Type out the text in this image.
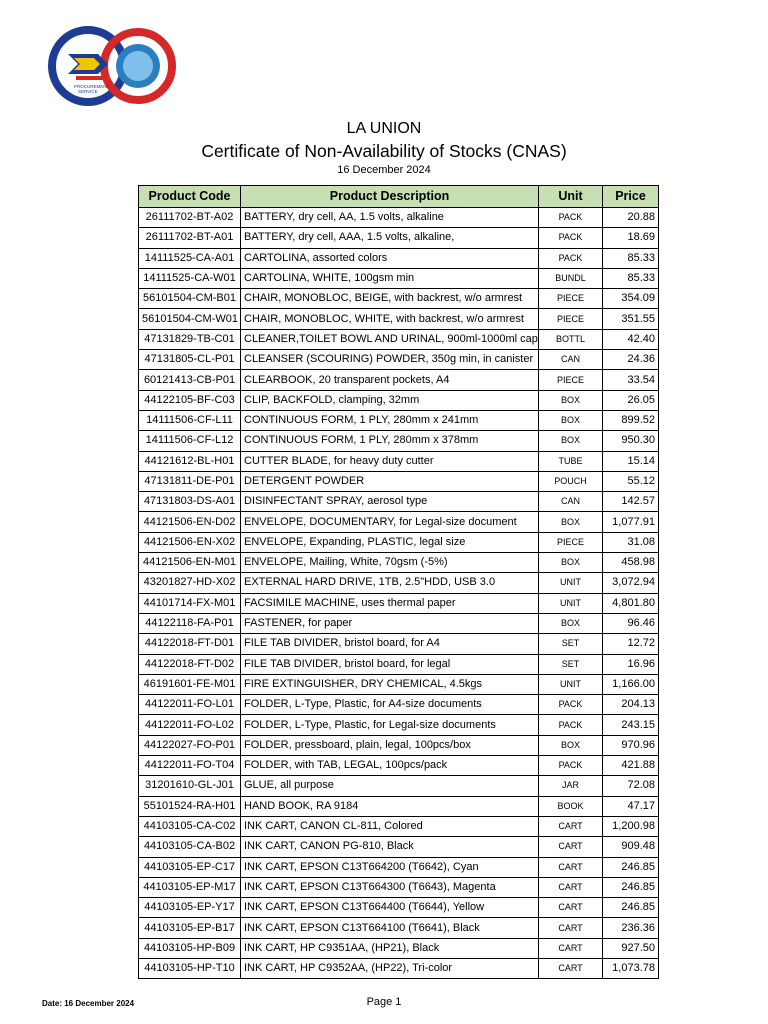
PROCUREMENT
SERVICE
LA UNION
Certificate of Non-Availability of Stocks (CNAS)
16 December 2024
Product Code	Product Description	Unit	Price
26111702-BT-A02	BATTERY, dry cell, AA, 1.5 volts, alkaline	PACK	20.88
26111702-BT-A01	BATTERY, dry cell, AAA, 1.5 volts, alkaline,	PACK	18.69
14111525-CA-A01	CARTOLINA, assorted colors	PACK	85.33
14111525-CA-W01	CARTOLINA, WHITE, 100gsm min	BUNDL	85.33
56101504-CM-B01	CHAIR, MONOBLOC, BEIGE, with backrest, w/o armrest	PIECE	354.09
56101504-CM-W01	CHAIR, MONOBLOC, WHITE, with backrest, w/o armrest	PIECE	351.55
47131829-TB-C01	CLEANER,TOILET BOWL AND URINAL, 900ml-1000ml cap	BOTTL	42.40
47131805-CL-P01	CLEANSER (SCOURING) POWDER, 350g min, in canister	CAN	24.36
60121413-CB-P01	CLEARBOOK, 20 transparent pockets, A4	PIECE	33.54
44122105-BF-C03	CLIP, BACKFOLD, clamping, 32mm	BOX	26.05
14111506-CF-L11	CONTINUOUS FORM, 1 PLY, 280mm x 241mm	BOX	899.52
14111506-CF-L12	CONTINUOUS FORM, 1 PLY, 280mm x 378mm	BOX	950.30
44121612-BL-H01	CUTTER BLADE, for heavy duty cutter	TUBE	15.14
47131811-DE-P01	DETERGENT POWDER	POUCH	55.12
47131803-DS-A01	DISINFECTANT SPRAY, aerosol type	CAN	142.57
44121506-EN-D02	ENVELOPE, DOCUMENTARY, for Legal-size document	BOX	1,077.91
44121506-EN-X02	ENVELOPE, Expanding, PLASTIC, legal size	PIECE	31.08
44121506-EN-M01	ENVELOPE, Mailing, White, 70gsm (-5%)	BOX	458.98
43201827-HD-X02	EXTERNAL HARD DRIVE, 1TB, 2.5"HDD, USB 3.0	UNIT	3,072.94
44101714-FX-M01	FACSIMILE MACHINE, uses thermal paper	UNIT	4,801.80
44122118-FA-P01	FASTENER, for paper	BOX	96.46
44122018-FT-D01	FILE TAB DIVIDER, bristol board, for A4	SET	12.72
44122018-FT-D02	FILE TAB DIVIDER, bristol board, for legal	SET	16.96
46191601-FE-M01	FIRE EXTINGUISHER, DRY CHEMICAL, 4.5kgs	UNIT	1,166.00
44122011-FO-L01	FOLDER, L-Type, Plastic, for A4-size documents	PACK	204.13
44122011-FO-L02	FOLDER, L-Type, Plastic, for Legal-size documents	PACK	243.15
44122027-FO-P01	FOLDER, pressboard, plain, legal, 100pcs/box	BOX	970.96
44122011-FO-T04	FOLDER, with TAB, LEGAL, 100pcs/pack	PACK	421.88
31201610-GL-J01	GLUE, all purpose	JAR	72.08
55101524-RA-H01	HAND BOOK, RA 9184	BOOK	47.17
44103105-CA-C02	INK CART, CANON CL-811, Colored	CART	1,200.98
44103105-CA-B02	INK CART, CANON PG-810, Black	CART	909.48
44103105-EP-C17	INK CART, EPSON C13T664200 (T6642), Cyan	CART	246.85
44103105-EP-M17	INK CART, EPSON C13T664300 (T6643), Magenta	CART	246.85
44103105-EP-Y17	INK CART, EPSON C13T664400 (T6644), Yellow	CART	246.85
44103105-EP-B17	INK CART, EPSON C13T664100 (T6641), Black	CART	236.36
44103105-HP-B09	INK CART, HP C9351AA, (HP21), Black	CART	927.50
44103105-HP-T10	INK CART, HP C9352AA, (HP22), Tri-color	CART	1,073.78
Date: 16 December 2024	Page 1
